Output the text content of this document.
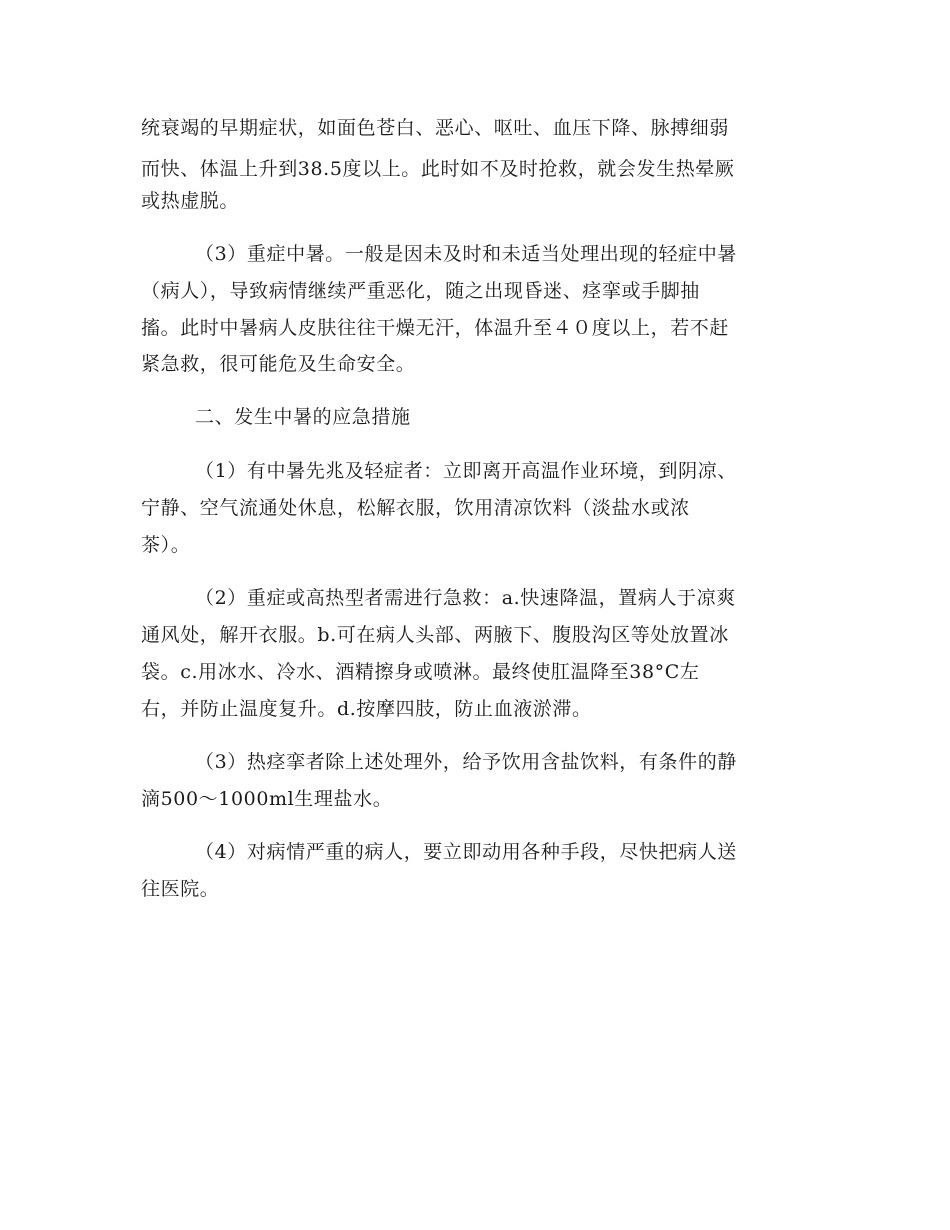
统衰竭的早期症状，如面色苍白、恶心、呕吐、血压下降、脉搏细弱
而快、体温上升到38.5度以上。此时如不及时抢救，就会发生热晕厥
或热虚脱。
（3）重症中暑。一般是因未及时和未适当处理出现的轻症中暑
（病人），导致病情继续严重恶化，随之出现昏迷、痉挛或手脚抽
搐。此时中暑病人皮肤往往干燥无汗，体温升至４０度以上，若不赶
紧急救，很可能危及生命安全。
二、发生中暑的应急措施
（1）有中暑先兆及轻症者：立即离开高温作业环境，到阴凉、
宁静、空气流通处休息，松解衣服，饮用清凉饮料（淡盐水或浓
茶）。
（2）重症或高热型者需进行急救：a.快速降温，置病人于凉爽
通风处，解开衣服。b.可在病人头部、两腋下、腹股沟区等处放置冰
袋。c.用冰水、冷水、酒精擦身或喷淋。最终使肛温降至38°C左
右，并防止温度复升。d.按摩四肢，防止血液淤滞。
（3）热痉挛者除上述处理外，给予饮用含盐饮料，有条件的静
滴500～1000ml生理盐水。
（4）对病情严重的病人，要立即动用各种手段，尽快把病人送
往医院。
